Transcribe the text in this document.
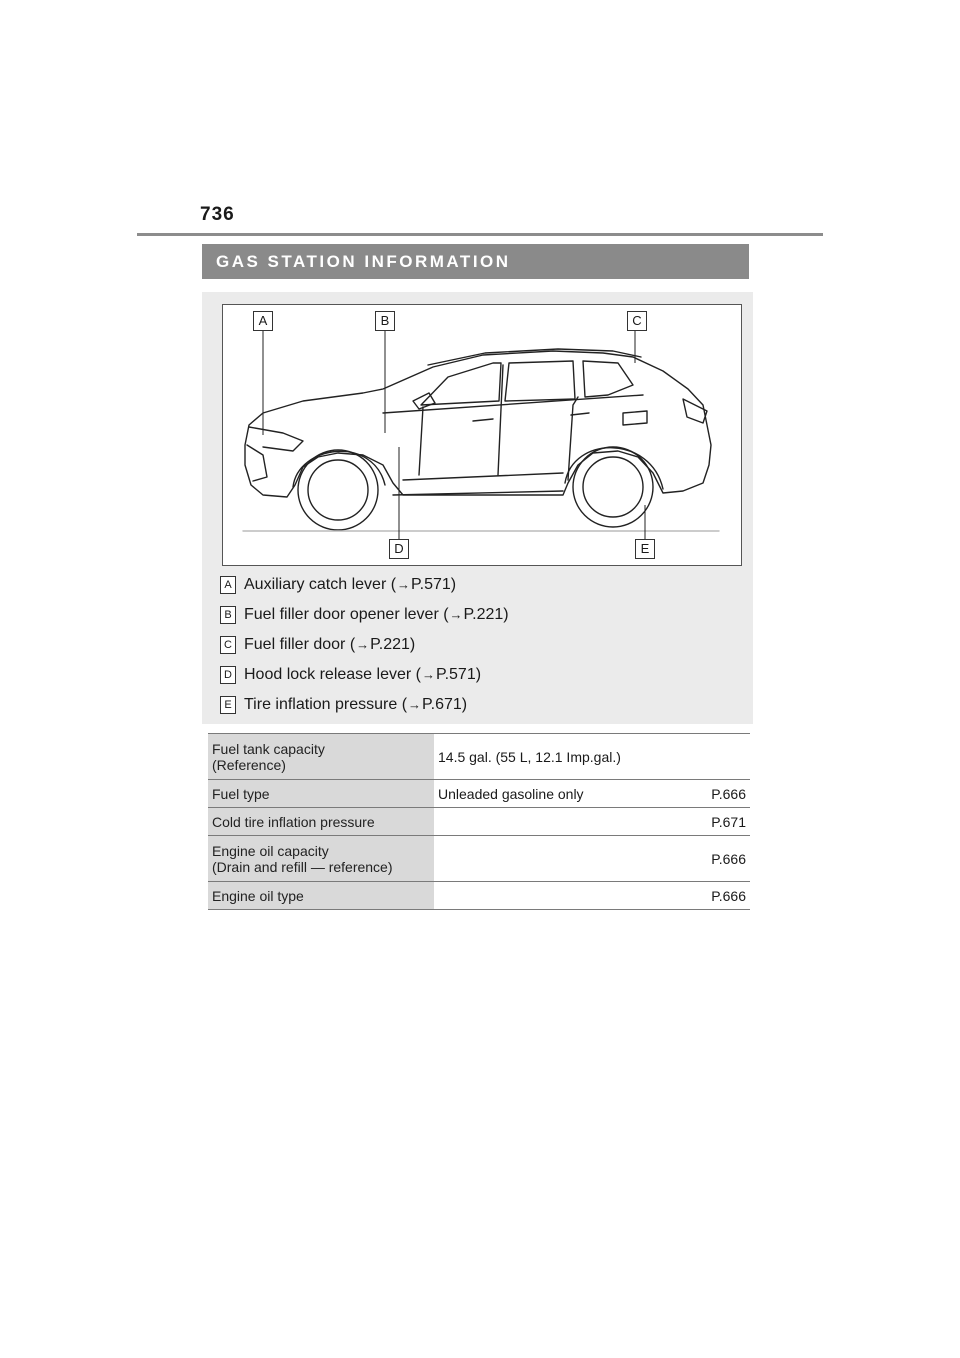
736
GAS STATION INFORMATION
A	B	C
D	E
A Auxiliary catch lever ( → P.571)
B Fuel filler door opener lever ( → P.221)
C Fuel filler door ( → P.221)
D Hood lock release lever ( → P.571)
E Tire inflation pressure ( → P.671)
Fuel tank capacity
(Reference)	14.5 gal. (55 L, 12.1 Imp.gal.)

Fuel type	Unleaded gasoline only P.666

Cold tire inflation pressure	P.671

Engine oil capacity
(Drain and refill — reference)	P.666

Engine oil type	P.666
